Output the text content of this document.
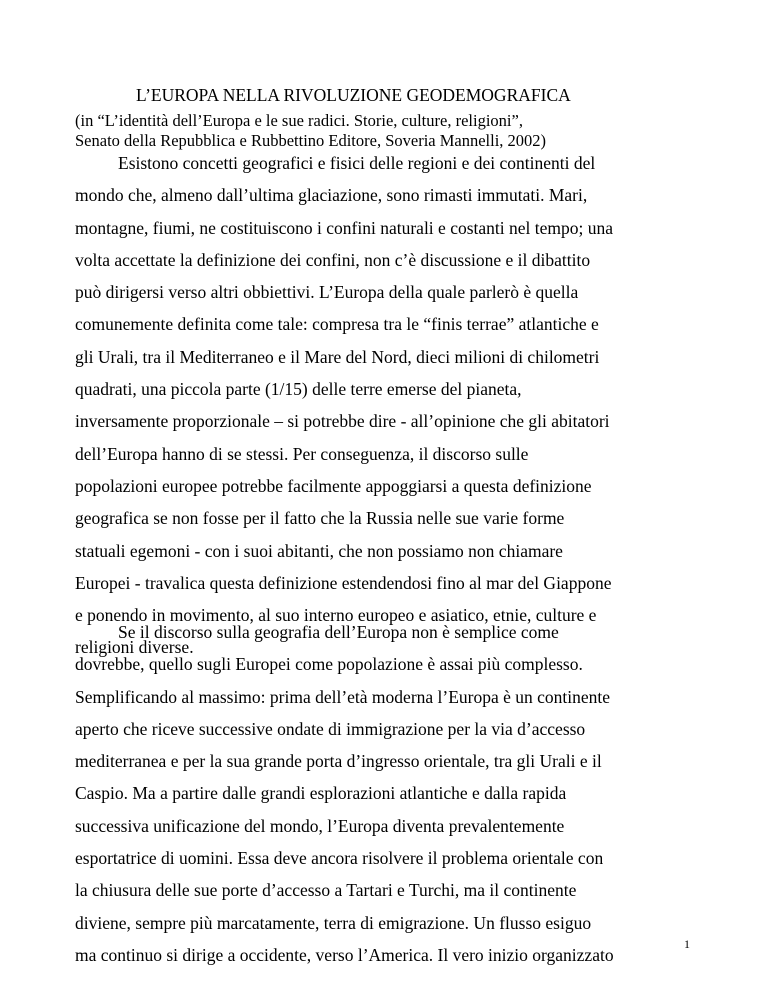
L’EUROPA NELLA RIVOLUZIONE GEODEMOGRAFICA
(in “L’identità dell’Europa e le sue radici. Storie, culture, religioni”,
Senato della Repubblica e Rubbettino Editore, Soveria Mannelli, 2002)
Esistono concetti geografici e fisici delle regioni e dei continenti del
mondo che, almeno dall’ultima glaciazione, sono rimasti immutati. Mari,
montagne, fiumi, ne costituiscono i confini naturali e costanti nel tempo; una
volta accettate la definizione dei confini, non c’è discussione e il dibattito
può dirigersi verso altri obbiettivi. L’Europa della quale parlerò è quella
comunemente definita come tale: compresa tra le “finis terrae” atlantiche e
gli Urali, tra il Mediterraneo e il Mare del Nord, dieci milioni di chilometri
quadrati, una piccola parte (1/15) delle terre emerse del pianeta,
inversamente proporzionale – si potrebbe dire - all’opinione che gli abitatori
dell’Europa hanno di se stessi. Per conseguenza, il discorso sulle
popolazioni europee potrebbe facilmente appoggiarsi a questa definizione
geografica se non fosse per il fatto che la Russia nelle sue varie forme
statuali egemoni - con i suoi abitanti, che non possiamo non chiamare
Europei - travalica questa definizione estendendosi fino al mar del Giappone
e ponendo in movimento, al suo interno europeo e asiatico, etnie, culture e
religioni diverse.
Se il discorso sulla geografia dell’Europa non è semplice come
dovrebbe, quello sugli Europei come popolazione è assai più complesso.
Semplificando al massimo: prima dell’età moderna l’Europa è un continente
aperto che riceve successive ondate di immigrazione per la via d’accesso
mediterranea e per la sua grande porta d’ingresso orientale, tra gli Urali e il
Caspio. Ma a partire dalle grandi esplorazioni atlantiche e dalla rapida
successiva unificazione del mondo, l’Europa diventa prevalentemente
esportatrice di uomini. Essa deve ancora risolvere il problema orientale con
la chiusura delle sue porte d’accesso a Tartari e Turchi, ma il continente
diviene, sempre più marcatamente, terra di emigrazione. Un flusso esiguo
ma continuo si dirige a occidente, verso l’America. Il vero inizio organizzato
1
